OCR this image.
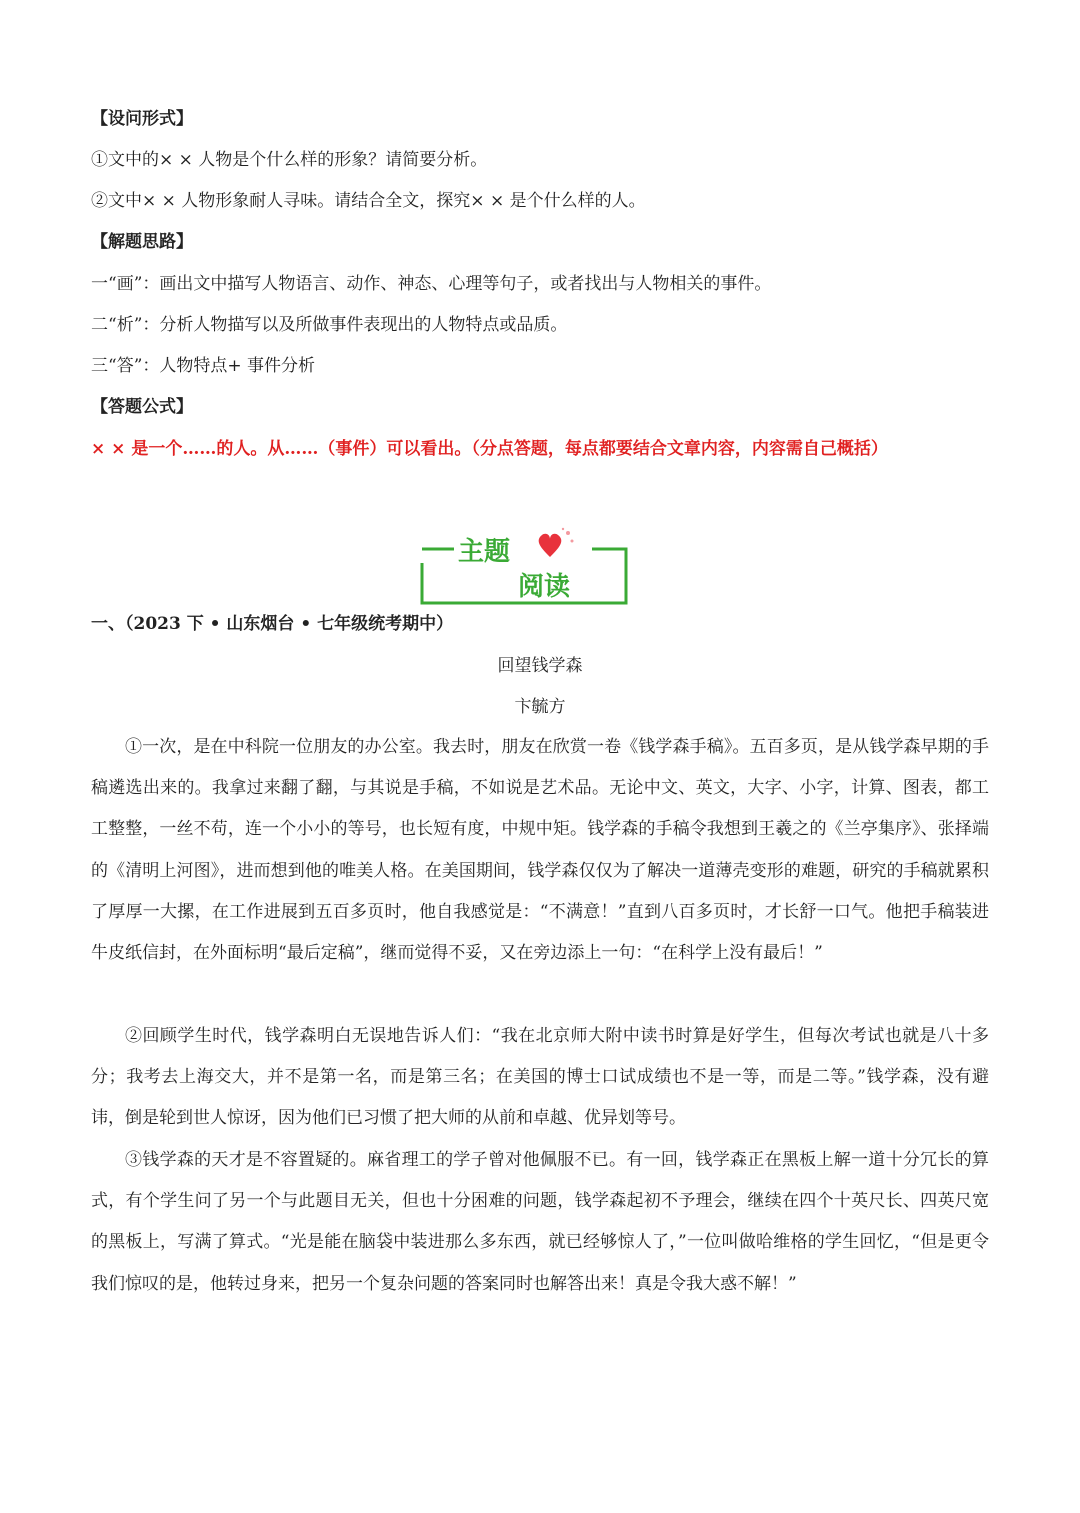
【设问形式】
①文中的× × 人物是个什么样的形象？请简要分析。
②文中× × 人物形象耐人寻味。请结合全文，探究× × 是个什么样的人。
【解题思路】
一“画”：画出文中描写人物语言、动作、神态、心理等句子，或者找出与人物相关的事件。
二“析”：分析人物描写以及所做事件表现出的人物特点或品质。
三“答”：人物特点+ 事件分析
【答题公式】
× × 是一个……的人。从……（事件）可以看出。（分点答题，每点都要结合文章内容，内容需自己概括）
主题
阅读
一、（2023 下 • 山东烟台 • 七年级统考期中）
回望钱学森
卞毓方

①一次，是在中科院一位朋友的办公室。我去时，朋友在欣赏一卷《钱学森手稿》。五百多页，是从钱学森早期的手稿遴选出来的。我拿过来翻了翻，与其说是手稿，不如说是艺术品。无论中文、英文，大字、小字，计算、图表，都工工整整，一丝不苟，连一个小小的等号，也长短有度，中规中矩。钱学森的手稿令我想到王羲之的《兰亭集序》、张择端的《清明上河图》，进而想到他的唯美人格。在美国期间，钱学森仅仅为了解决一道薄壳变形的难题，研究的手稿就累积了厚厚一大摞，在工作进展到五百多页时，他自我感觉是：“不满意！”直到八百多页时，才长舒一口气。他把手稿装进牛皮纸信封，在外面标明“最后定稿”，继而觉得不妥，又在旁边添上一句：“在科学上没有最后！”

②回顾学生时代，钱学森明白无误地告诉人们：“我在北京师大附中读书时算是好学生，但每次考试也就是八十多分；我考去上海交大，并不是第一名，而是第三名；在美国的博士口试成绩也不是一等，而是二等。”钱学森，没有避讳，倒是轮到世人惊讶，因为他们已习惯了把大师的从前和卓越、优异划等号。

③钱学森的天才是不容置疑的。麻省理工的学子曾对他佩服不已。有一回，钱学森正在黑板上解一道十分冗长的算式，有个学生问了另一个与此题目无关，但也十分困难的问题，钱学森起初不予理会，继续在四个十英尺长、四英尺宽的黑板上，写满了算式。“光是能在脑袋中装进那么多东西，就已经够惊人了，”一位叫做哈维格的学生回忆，“但是更令我们惊叹的是，他转过身来，把另一个复杂问题的答案同时也解答出来！真是令我大惑不解！”
